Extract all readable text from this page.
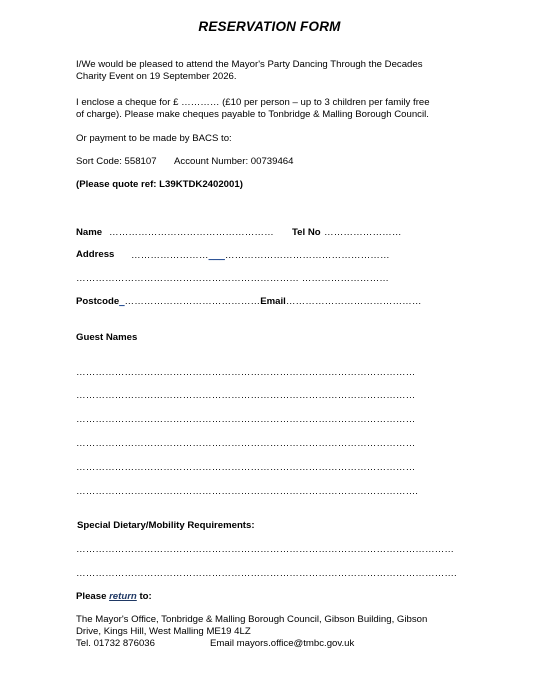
RESERVATION FORM
I/We would be pleased to attend the Mayor's Party Dancing Through the Decades
Charity Event on 19 September 2026.
I enclose a cheque for £ ………… (£10 per person – up to 3 children per family free
of charge). Please make cheques payable to Tonbridge & Malling Borough Council.
Or payment to be made by BACS to:
Sort Code: 558107 Account Number: 00739464
(Please quote ref: L39KTDK2402001)
Name …………………………………………… Tel No ……………………
Address ……………………___……………………………………………
…………………………………………………………… ………………………
Postcode_……………………………………Email……………………………………
Guest Names
……………………………………………………………………………………………
……………………………………………………………………………………………
……………………………………………………………………………………………
……………………………………………………………………………………………
……………………………………………………………………………………………
…………………………………………………………………………………………….
Special Dietary/Mobility Requirements:
………………………………………………………………………………………………………
……………………………………………………………………………………………………….
Please return to:
The Mayor's Office, Tonbridge & Malling Borough Council, Gibson Building, Gibson
Drive, Kings Hill, West Malling ME19 4LZ
Tel. 01732 876036	Email mayors.office@tmbc.gov.uk
